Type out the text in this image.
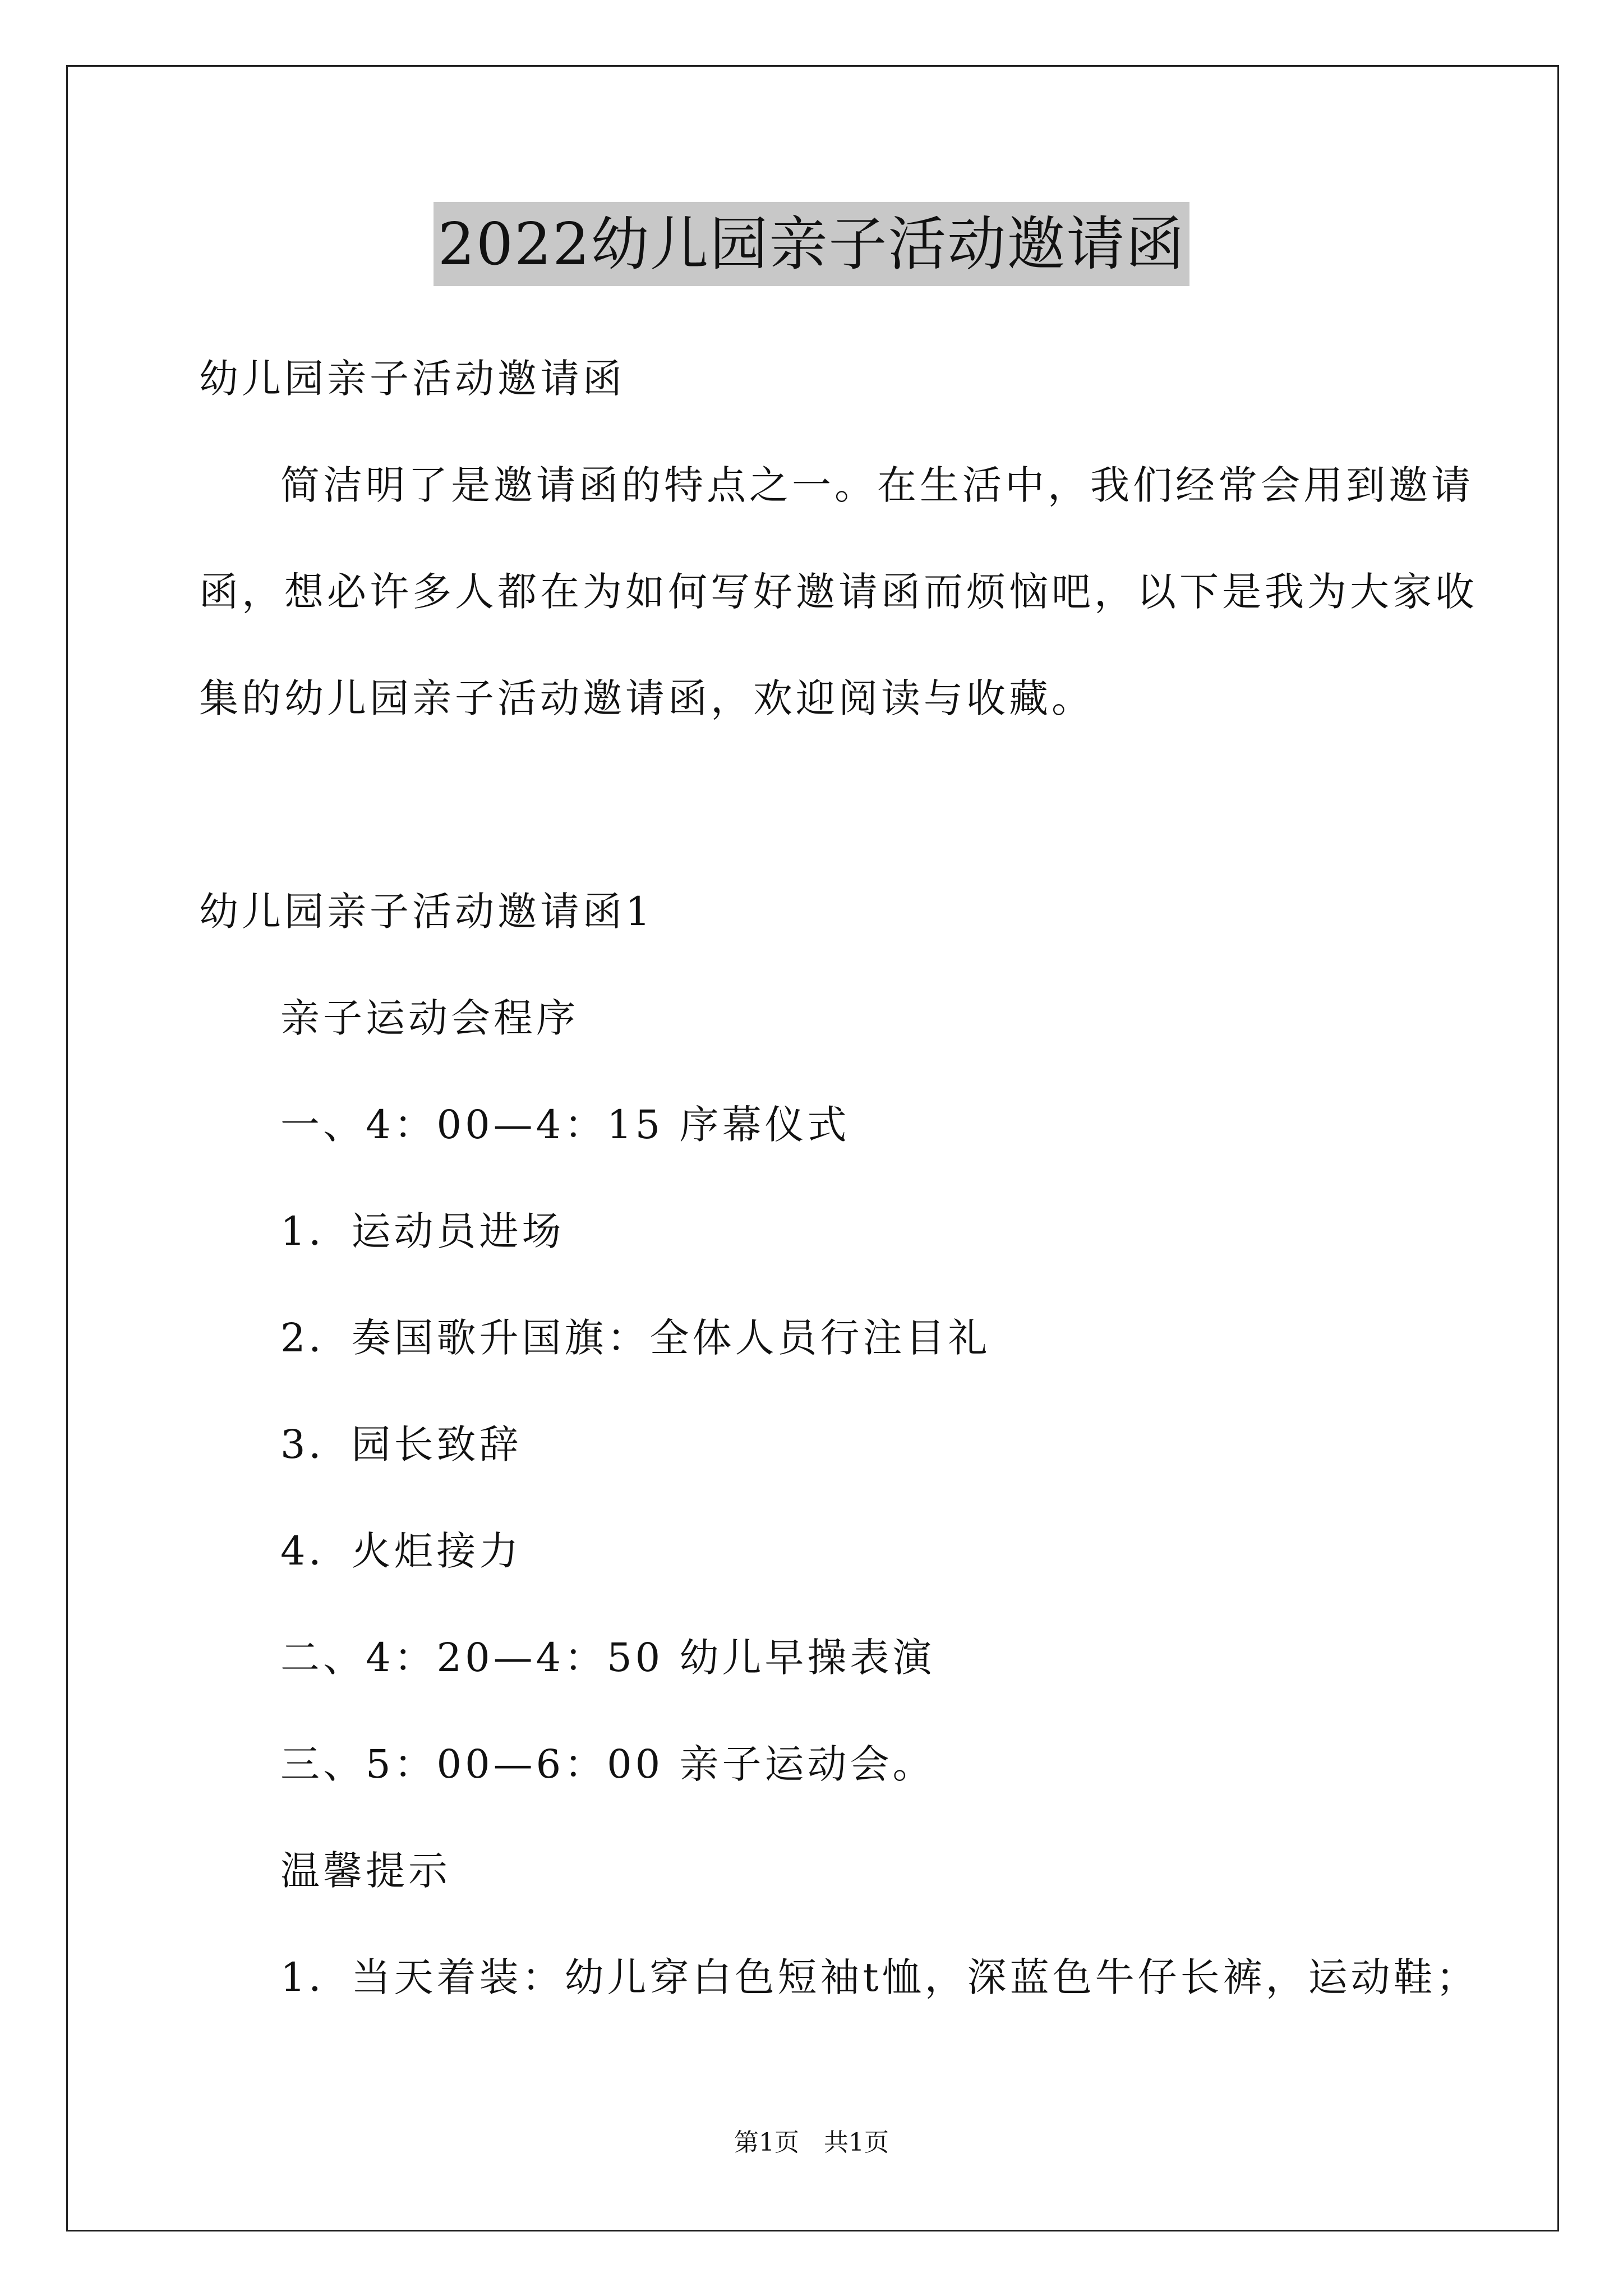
2022幼儿园亲子活动邀请函
幼儿园亲子活动邀请函
简洁明了是邀请函的特点之一。在生活中，我们经常会用到邀请
函，想必许多人都在为如何写好邀请函而烦恼吧，以下是我为大家收
集的幼儿园亲子活动邀请函，欢迎阅读与收藏。
幼儿园亲子活动邀请函1
亲子运动会程序
一、4：00—4：15 序幕仪式
1．运动员进场
2．奏国歌升国旗：全体人员行注目礼
3．园长致辞
4．火炬接力
二、4：20—4：50 幼儿早操表演
三、5：00—6：00 亲子运动会。
温馨提示
1．当天着装：幼儿穿白色短袖t恤，深蓝色牛仔长裤，运动鞋；
第1页 共1页
